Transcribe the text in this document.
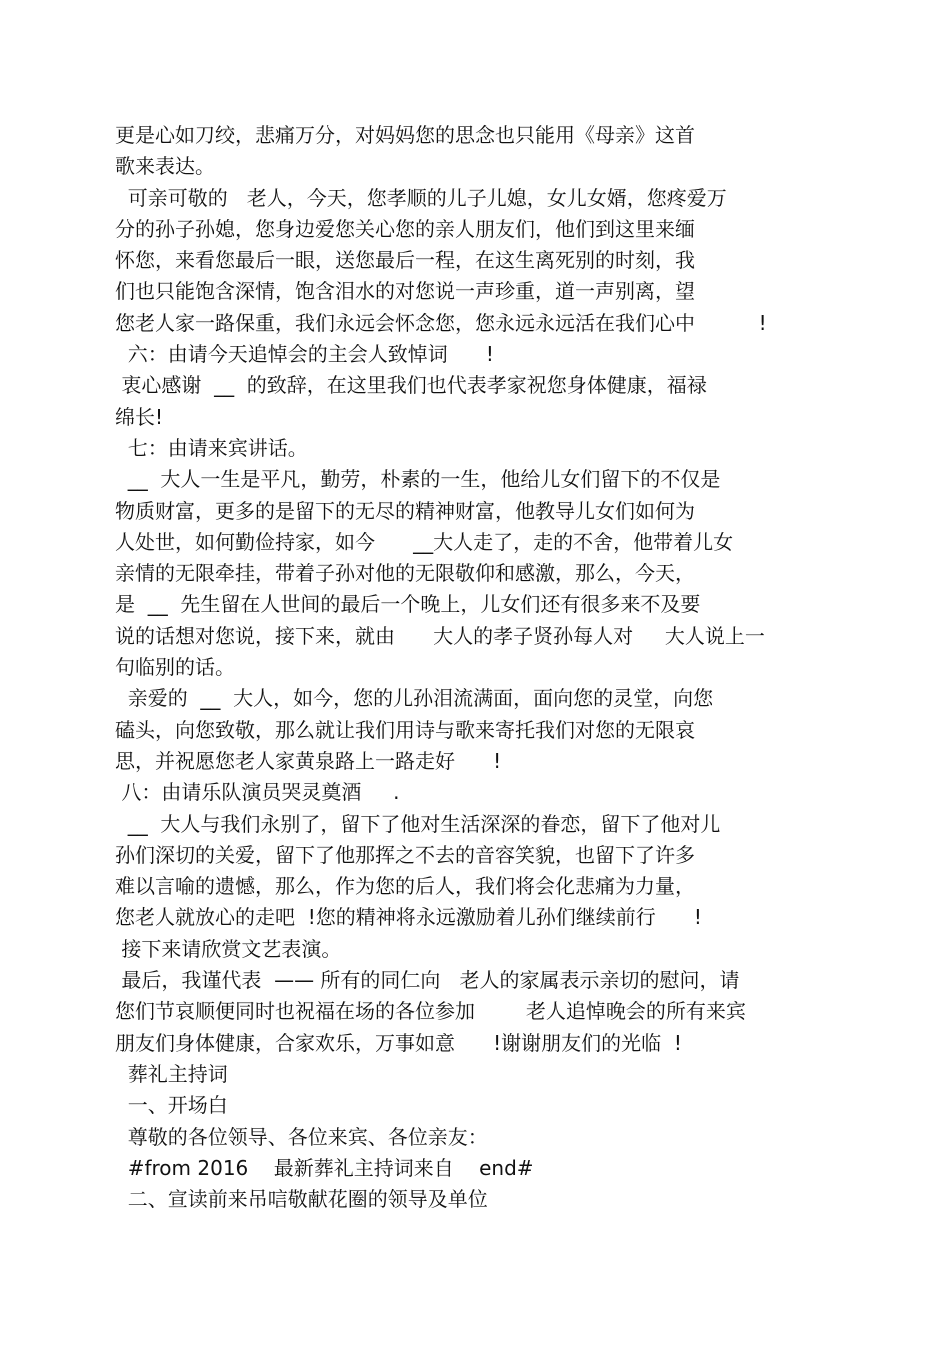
更是心如刀绞，悲痛万分，对妈妈您的思念也只能用《母亲》这首
歌来表达。
可亲可敬的   老人，今天，您孝顺的儿子儿媳，女儿女婿，您疼爱万
分的孙子孙媳，您身边爱您关心您的亲人朋友们，他们到这里来缅
怀您，来看您最后一眼，送您最后一程，在这生离死别的时刻，我
们也只能饱含深情，饱含泪水的对您说一声珍重，道一声别离，望
您老人家一路保重，我们永远会怀念您，您永远永远活在我们心中          !
六：由请今天追悼会的主会人致悼词      !
衷心感谢  __  的致辞，在这里我们也代表孝家祝您身体健康，福禄
绵长!
七：由请来宾讲话。
__  大人一生是平凡，勤劳，朴素的一生，他给儿女们留下的不仅是
物质财富，更多的是留下的无尽的精神财富，他教导儿女们如何为
人处世，如何勤俭持家，如今      __大人走了，走的不舍，他带着儿女
亲情的无限牵挂，带着子孙对他的无限敬仰和感激，那么，今天，
是  __  先生留在人世间的最后一个晚上，儿女们还有很多来不及要
说的话想对您说，接下来，就由      大人的孝子贤孙每人对     大人说上一
句临别的话。
亲爱的  __  大人，如今，您的儿孙泪流满面，面向您的灵堂，向您
磕头，向您致敬，那么就让我们用诗与歌来寄托我们对您的无限哀
思，并祝愿您老人家黄泉路上一路走好      !
八：由请乐队演员哭灵奠酒     .
__  大人与我们永别了，留下了他对生活深深的眷恋，留下了他对儿
孙们深切的关爱，留下了他那挥之不去的音容笑貌，也留下了许多
难以言喻的遗憾，那么，作为您的后人，我们将会化悲痛为力量，
您老人就放心的走吧  !您的精神将永远激励着儿孙们继续前行      !
接下来请欣赏文艺表演。
最后，我谨代表  —— 所有的同仁向   老人的家属表示亲切的慰问，请
您们节哀顺便同时也祝福在场的各位参加        老人追悼晚会的所有来宾
朋友们身体健康，合家欢乐，万事如意      !谢谢朋友们的光临  !
葬礼主持词
一、开场白
尊敬的各位领导、各位来宾、各位亲友：
#from 2016    最新葬礼主持词来自    end#
二、宣读前来吊唁敬献花圈的领导及单位
